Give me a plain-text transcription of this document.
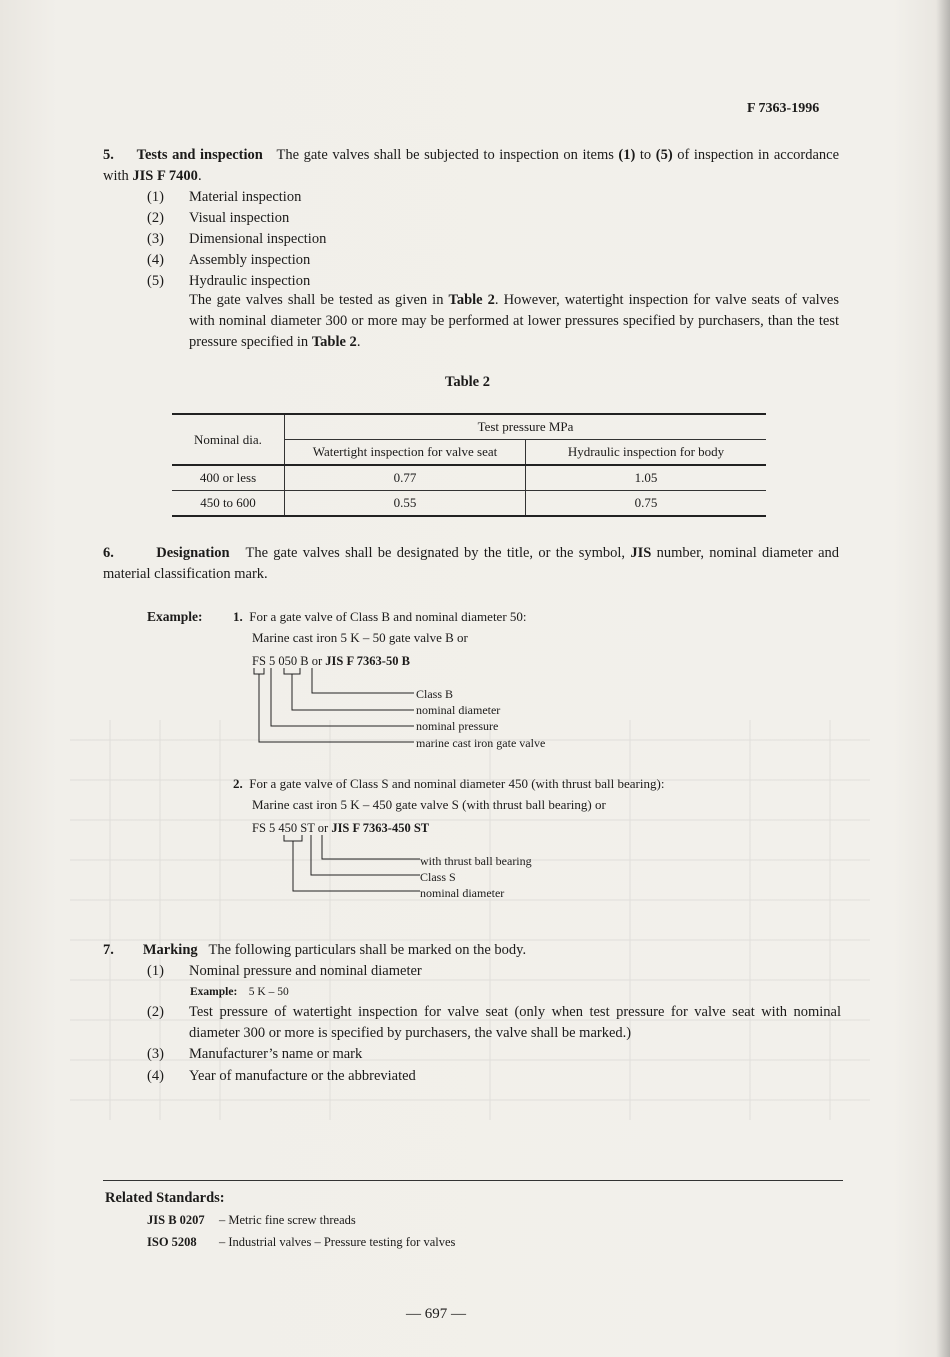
F 7363-1996
5. Tests and inspection The gate valves shall be subjected to inspection on items (1) to (5) of inspection in accordance with JIS F 7400.
(1) Material inspection
(2) Visual inspection
(3) Dimensional inspection
(4) Assembly inspection
(5) Hydraulic inspection
The gate valves shall be tested as given in Table 2. However, watertight inspection for valve seats of valves with nominal diameter 300 or more may be performed at lower pressures specified by purchasers, than the test pressure specified in Table 2.
Table 2
Nominal dia.	Test pressure MPa	
	Watertight inspection for valve seat	Hydraulic inspection for body
400 or less	0.77	1.05
450 to 600	0.55	0.75
6.	Designation The gate valves shall be designated by the title, or the symbol, JIS number, nominal diameter and material classification mark.
Example: 1. For a gate valve of Class B and nominal diameter 50:
Marine cast iron 5 K – 50 gate valve B or
FS 5 050 B or JIS F 7363-50 B
Class B
nominal diameter
nominal pressure
marine cast iron gate valve
2. For a gate valve of Class S and nominal diameter 450 (with thrust ball bearing):
Marine cast iron 5 K – 450 gate valve S (with thrust ball bearing) or
FS 5 450 ST or JIS F 7363-450 ST
with thrust ball bearing
Class S
nominal diameter
7. Marking The following particulars shall be marked on the body.
(1) Nominal pressure and nominal diameter
Example: 5 K – 50
(2) Test pressure of watertight inspection for valve seat (only when test pressure for valve seat with nominal diameter 300 or more is specified by purchasers, the valve shall be marked.)
(3) Manufacturer’s name or mark
(4) Year of manufacture or the abbreviated
Related Standards:
JIS B 0207 – Metric fine screw threads
ISO 5208 – Industrial valves – Pressure testing for valves
— 697 —
